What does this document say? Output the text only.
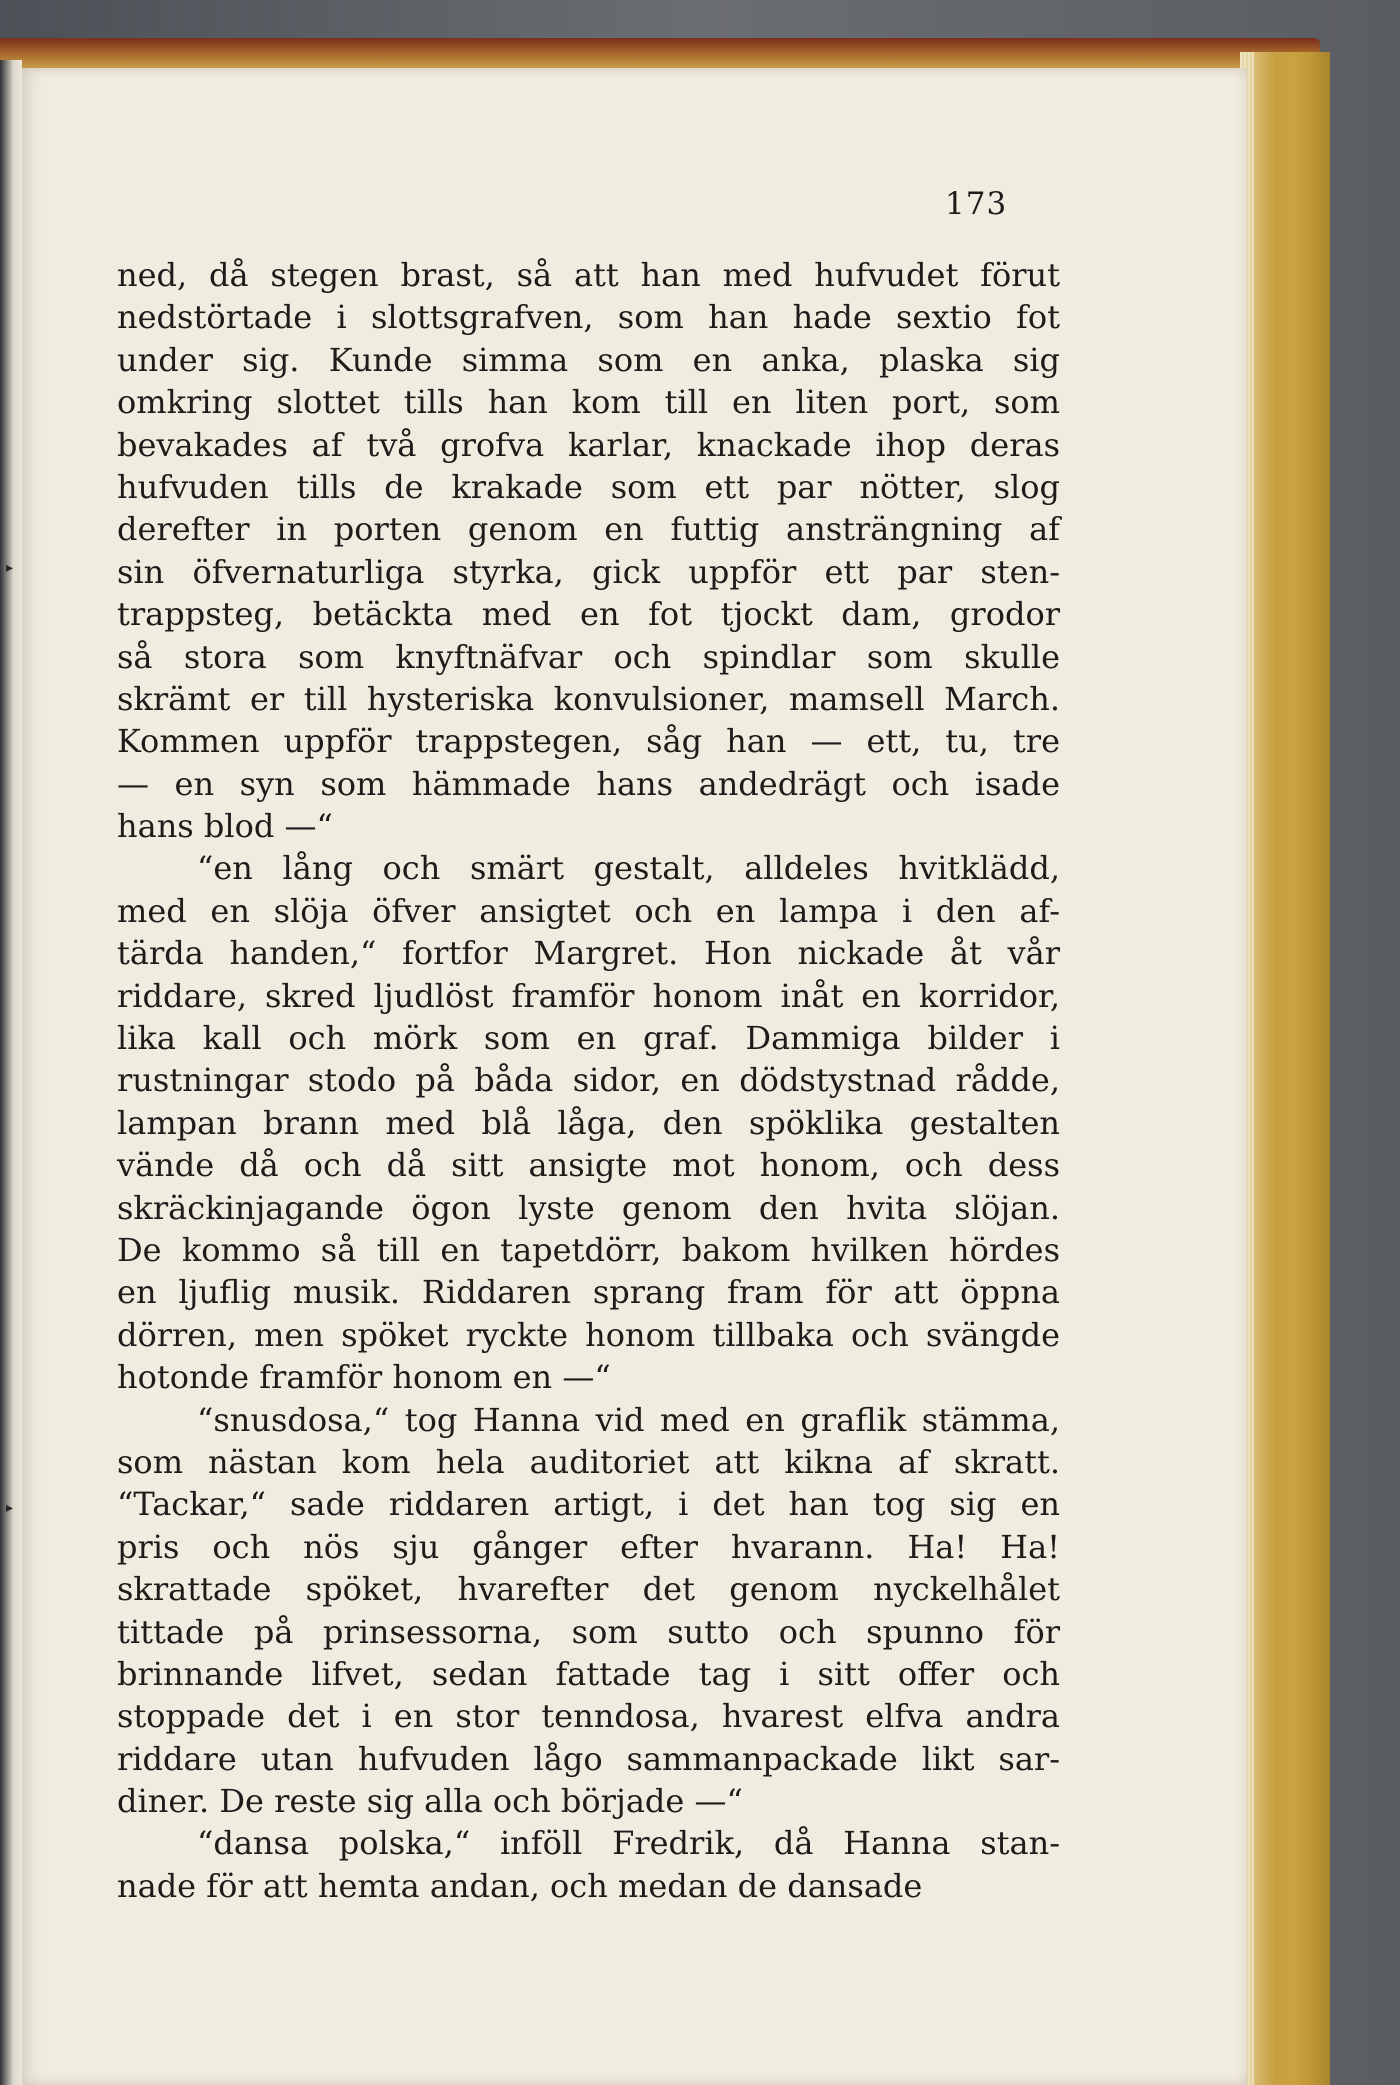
173
ned, då stegen brast, så att han med hufvudet förut
nedstörtade i slottsgrafven, som han hade sextio fot
under sig. Kunde simma som en anka, plaska sig
omkring slottet tills han kom till en liten port, som
bevakades af två grofva karlar, knackade ihop deras
hufvuden tills de krakade som ett par nötter, slog
derefter in porten genom en futtig ansträngning af
sin öfvernaturliga styrka, gick uppför ett par sten-
trappsteg, betäckta med en fot tjockt dam, grodor
så stora som knyftnäfvar och spindlar som skulle
skrämt er till hysteriska konvulsioner, mamsell March.
Kommen uppför trappstegen, såg han — ett, tu, tre
— en syn som hämmade hans andedrägt och isade
hans blod —“
“en lång och smärt gestalt, alldeles hvitklädd,
med en slöja öfver ansigtet och en lampa i den af-
tärda handen,“ fortfor Margret. Hon nickade åt vår
riddare, skred ljudlöst framför honom inåt en korridor,
lika kall och mörk som en graf. Dammiga bilder i
rustningar stodo på båda sidor, en dödstystnad rådde,
lampan brann med blå låga, den spöklika gestalten
vände då och då sitt ansigte mot honom, och dess
skräckinjagande ögon lyste genom den hvita slöjan.
De kommo så till en tapetdörr, bakom hvilken hördes
en ljuflig musik. Riddaren sprang fram för att öppna
dörren, men spöket ryckte honom tillbaka och svängde
hotonde framför honom en —“
“snusdosa,“ tog Hanna vid med en graflik stämma,
som nästan kom hela auditoriet att kikna af skratt.
“Tackar,“ sade riddaren artigt, i det han tog sig en
pris och nös sju gånger efter hvarann. Ha! Ha!
skrattade spöket, hvarefter det genom nyckelhålet
tittade på prinsessorna, som sutto och spunno för
brinnande lifvet, sedan fattade tag i sitt offer och
stoppade det i en stor tenndosa, hvarest elfva andra
riddare utan hufvuden lågo sammanpackade likt sar-
diner. De reste sig alla och började —“
“dansa polska,“ inföll Fredrik, då Hanna stan-
nade för att hemta andan, och medan de dansade
▸
▸
